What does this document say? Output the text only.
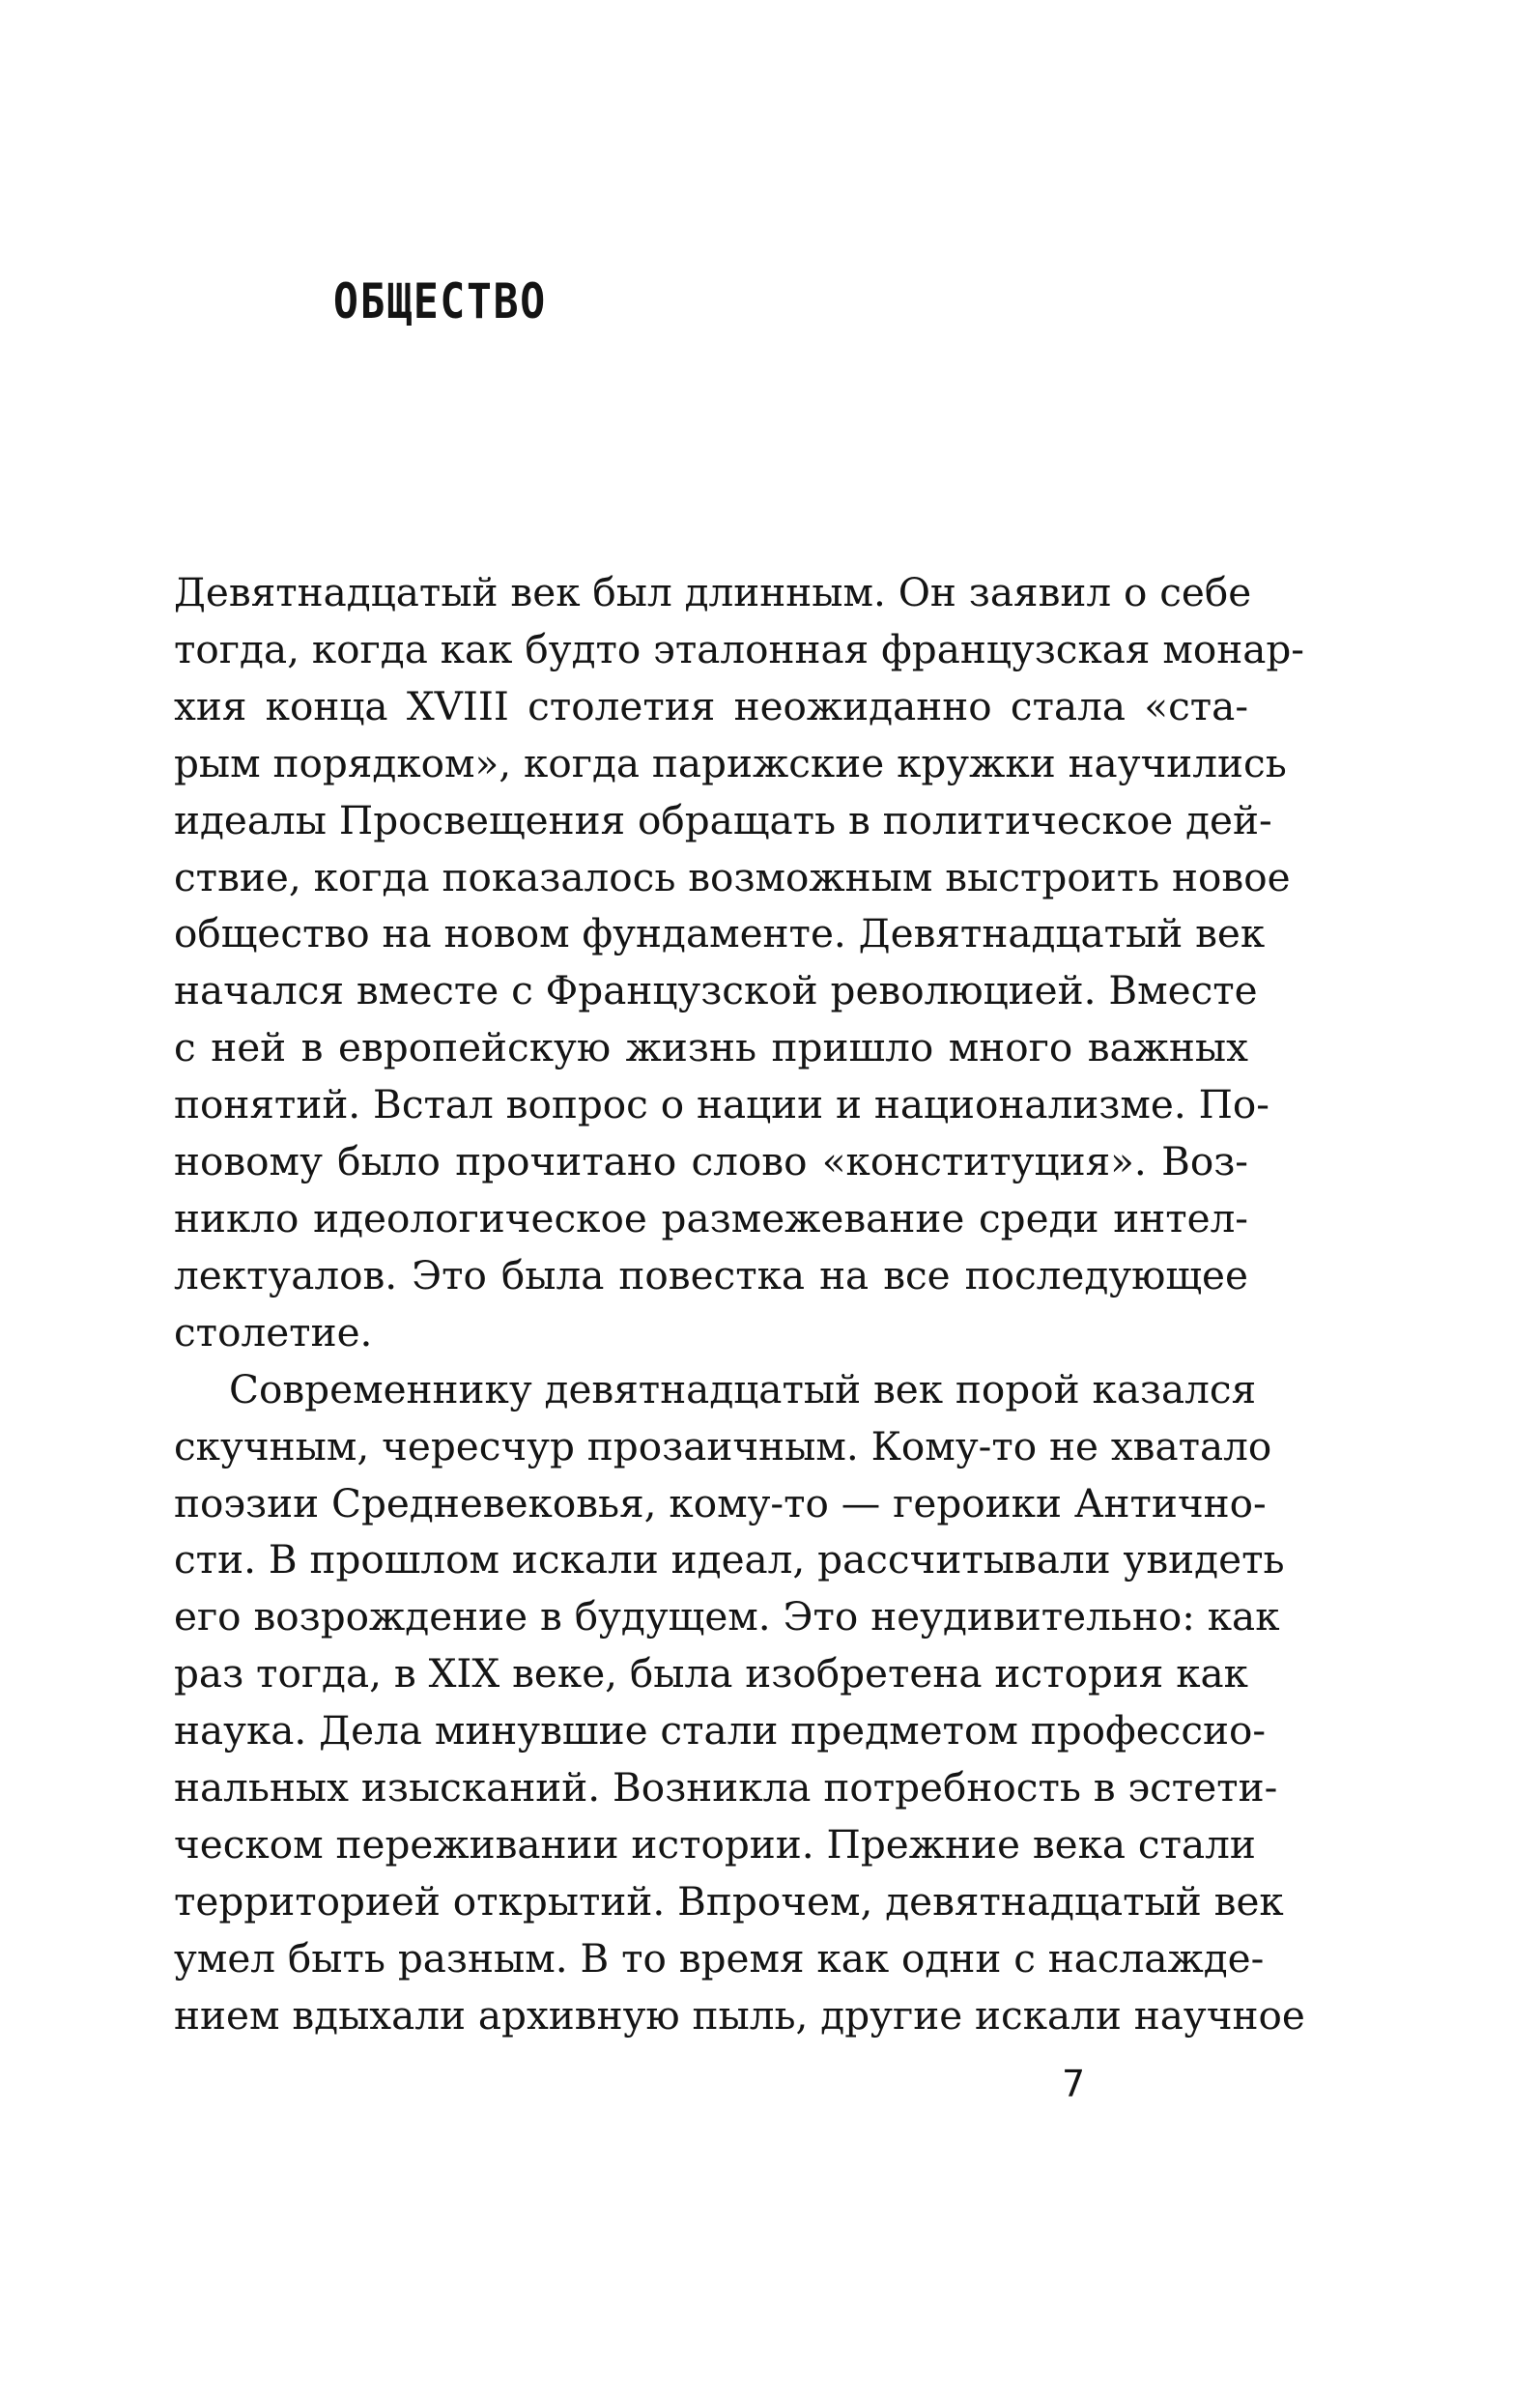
ОБЩЕСТВО

Девятнадцатый век был длинным. Он заявил о себе
тогда, когда как будто эталонная французская монар-
хия конца XVIII столетия неожиданно стала «ста-
рым порядком», когда парижские кружки научились
идеалы Просвещения обращать в политическое дей-
ствие, когда показалось возможным выстроить новое
общество на новом фундаменте. Девятнадцатый век
начался вместе с Французской революцией. Вместе
с ней в европейскую жизнь пришло много важных
понятий. Встал вопрос о нации и национализме. По-
новому было прочитано слово «конституция». Воз-
никло идеологическое размежевание среди интел-
лектуалов. Это была повестка на все последующее
столетие.

Современнику девятнадцатый век порой казался
скучным, чересчур прозаичным. Кому-то не хватало
поэзии Средневековья, кому-то — героики Антично-
сти. В прошлом искали идеал, рассчитывали увидеть
его возрождение в будущем. Это неудивительно: как
раз тогда, в XIX веке, была изобретена история как
наука. Дела минувшие стали предметом профессио-
нальных изысканий. Возникла потребность в эстети-
ческом переживании истории. Прежние века стали
территорией открытий. Впрочем, девятнадцатый век
умел быть разным. В то время как одни с наслажде-
нием вдыхали архивную пыль, другие искали научное

7
